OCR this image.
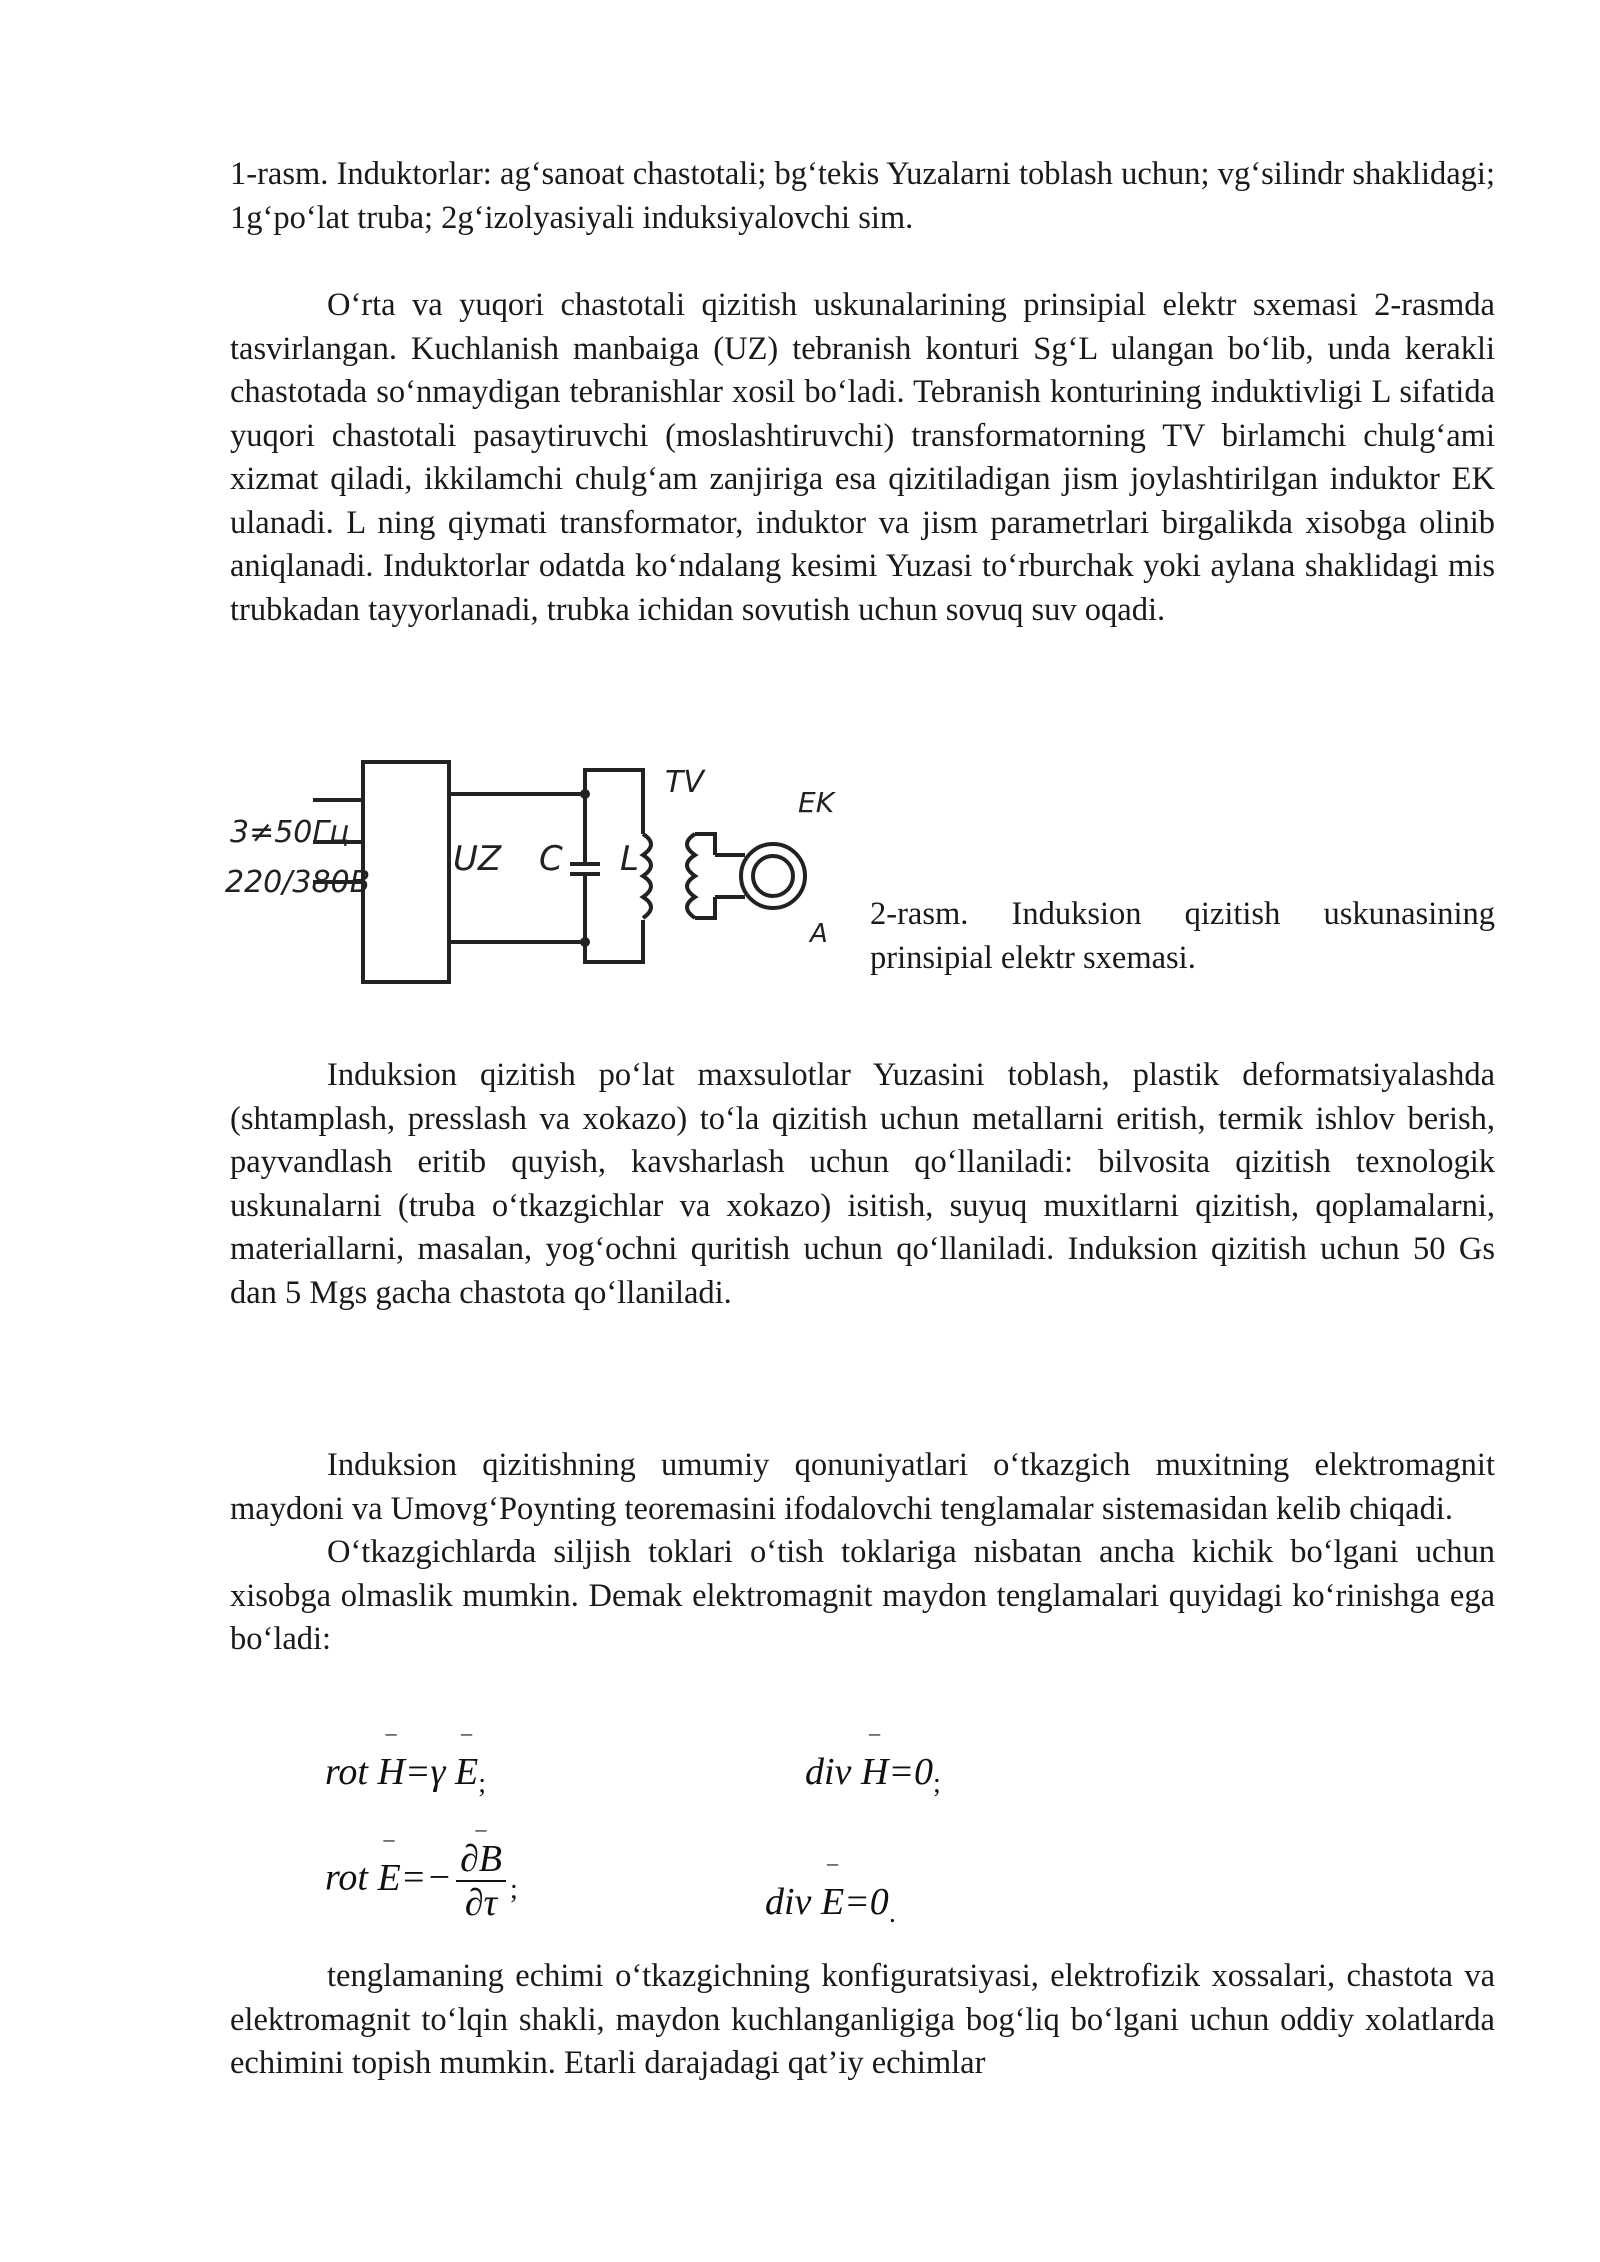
1-rasm. Induktorlar: ag‘sanoat chastotali; bg‘tekis Yuzalarni toblash uchun; vg‘silindr shaklidagi; 1g‘po‘lat truba; 2g‘izolyasiyali induksiyalovchi sim.

O‘rta va yuqori chastotali qizitish uskunalarining prinsipial elektr sxemasi 2-rasmda tasvirlangan. Kuchlanish manbaiga (UZ) tebranish konturi Sg‘L ulangan bo‘lib, unda kerakli chastotada so‘nmaydigan tebranishlar xosil bo‘ladi. Tebranish konturining induktivligi L sifatida yuqori chastotali pasaytiruvchi (moslashtiruvchi) transformatorning TV birlamchi chulg‘ami xizmat qiladi, ikkilamchi chulg‘am zanjiriga esa qizitiladigan jism joylashtirilgan induktor EK ulanadi. L ning qiymati transformator, induktor va jism parametrlari birgalikda xisobga olinib aniqlanadi. Induktorlar odatda ko‘ndalang kesimi Yuzasi to‘rburchak yoki aylana shaklidagi mis trubkadan tayyorlanadi, trubka ichidan sovutish uchun sovuq suv oqadi.

3≠50Гц
220/380В
UZ C L
TV
EK
A

2-rasm. Induksion qizitish uskunasining prinsipial elektr sxemasi.

Induksion qizitish po‘lat maxsulotlar Yuzasini toblash, plastik deformatsiyalashda (shtamplash, presslash va xokazo) to‘la qizitish uchun metallarni eritish, termik ishlov berish, payvandlash eritib quyish, kavsharlash uchun qo‘llaniladi: bilvosita qizitish texnologik uskunalarni (truba o‘tkazgichlar va xokazo) isitish, suyuq muxitlarni qizitish, qoplamalarni, materiallarni, masalan, yog‘ochni quritish uchun qo‘llaniladi. Induksion qizitish uchun 50 Gs dan 5 Mgs gacha chastota qo‘llaniladi.

Induksion qizitishning umumiy qonuniyatlari o‘tkazgich muxitning elektromagnit maydoni va Umovg‘Poynting teoremasini ifodalovchi tenglamalar sistemasidan kelib chiqadi.

O‘tkazgichlarda siljish toklari o‘tish toklariga nisbatan ancha kichik bo‘lgani uchun xisobga olmaslik mumkin. Demak elektromagnit maydon tenglamalari quyidagi ko‘rinishga ega bo‘ladi:

rot – $H=\gamma - E_;$	div – $H=0_;$
rot – E=−
– $\frac{\partial B}{\partial\tau} _;$	div – $E=0_.$

tenglamaning echimi o‘tkazgichning konfiguratsiyasi, elektrofizik xossalari, chastota va elektromagnit to‘lqin shakli, maydon kuchlanganligiga bog‘liq bo‘lgani uchun oddiy xolatlarda echimini topish mumkin. Etarli darajadagi qat’iy echimlar
